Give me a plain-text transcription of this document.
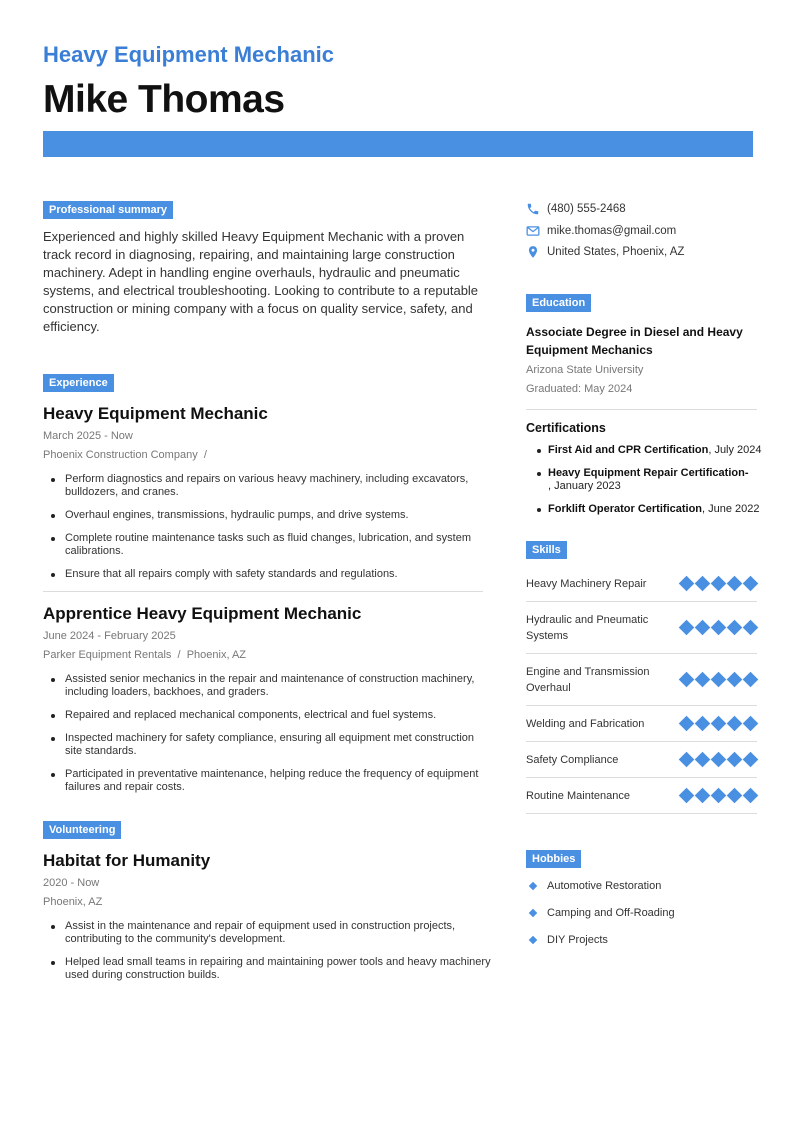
Heavy Equipment Mechanic
Mike Thomas
Professional summary

Experienced and highly skilled Heavy Equipment Mechanic with a proven track record in diagnosing, repairing, and maintaining large construction machinery. Adept in handling engine overhauls, hydraulic and pneumatic systems, and electrical troubleshooting. Looking to contribute to a reputable construction or mining company with a focus on quality service, safety, and efficiency.

Experience
Heavy Equipment Mechanic
March 2025 - Now
Phoenix Construction Company  /
Perform diagnostics and repairs on various heavy machinery, including excavators, bulldozers, and cranes.
Overhaul engines, transmissions, hydraulic pumps, and drive systems.
Complete routine maintenance tasks such as fluid changes, lubrication, and system calibrations.
Ensure that all repairs comply with safety standards and regulations.
Apprentice Heavy Equipment Mechanic
June 2024 - February 2025
Parker Equipment Rentals  /  Phoenix, AZ
Assisted senior mechanics in the repair and maintenance of construction machinery, including loaders, backhoes, and graders.
Repaired and replaced mechanical components, electrical and fuel systems.
Inspected machinery for safety compliance, ensuring all equipment met construction site standards.
Participated in preventative maintenance, helping reduce the frequency of equipment failures and repair costs.
Volunteering
Habitat for Humanity
2020 - Now
Phoenix, AZ
Assist in the maintenance and repair of equipment used in construction projects, contributing to the community's development.
Helped lead small teams in repairing and maintaining power tools and heavy machinery used during construction builds.
(480) 555-2468
mike.thomas@gmail.com
United States, Phoenix, AZ
Education
Associate Degree in Diesel and Heavy Equipment Mechanics
Arizona State University
Graduated: May 2024
Certifications
First Aid and CPR Certification, July 2024
Heavy Equipment Repair Certification-
, January 2023
Forklift Operator Certification, June 2022
Skills
Heavy Machinery Repair
Hydraulic and Pneumatic Systems
Engine and Transmission Overhaul
Welding and Fabrication
Safety Compliance
Routine Maintenance
Hobbies
Automotive Restoration
Camping and Off-Roading
DIY Projects
